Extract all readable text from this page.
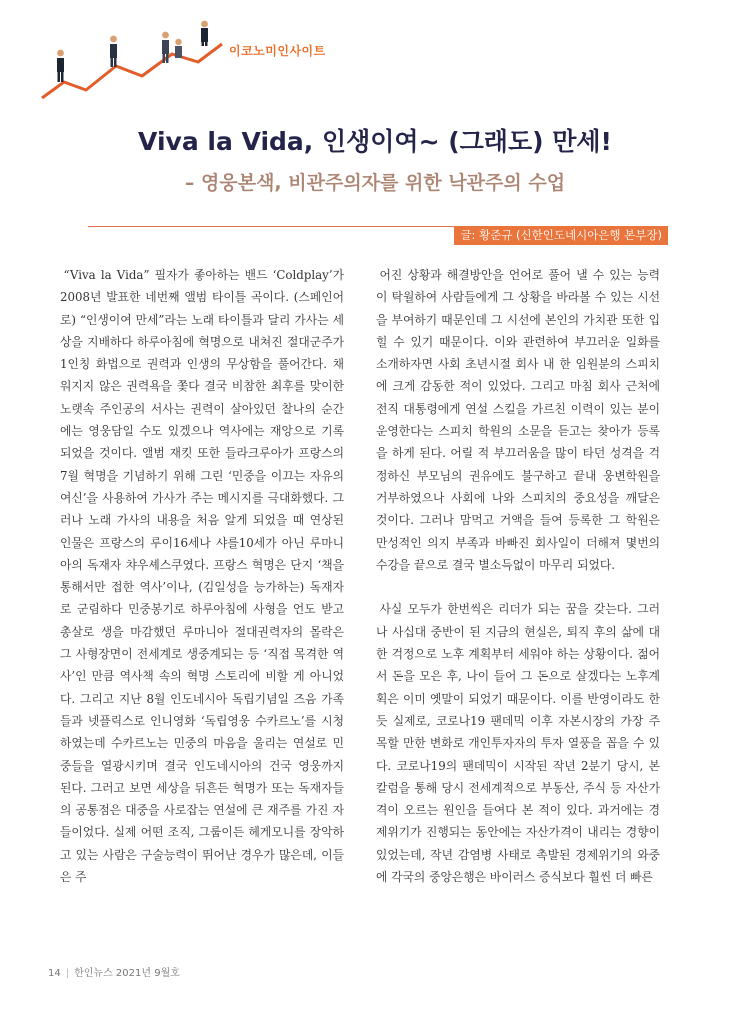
이코노미인사이트
Viva la Vida, 인생이여~ (그래도) 만세!
– 영웅본색, 비관주의자를 위한 낙관주의 수업
글: 황준규 (신한인도네시아은행 본부장)

“Viva la Vida” 필자가 좋아하는 밴드 ‘Coldplay’가 2008년 발표한 네번째 앨범 타이틀 곡이다. (스페인어로) “인생이여 만세”라는 노래 타이틀과 달리 가사는 세상을 지배하다 하루아침에 혁명으로 내쳐진 절대군주가 1인칭 화법으로 권력과 인생의 무상함을 풀어간다. 채워지지 않은 권력욕을 쫓다 결국 비참한 최후를 맞이한 노랫속 주인공의 서사는 권력이 살아있던 찰나의 순간에는 영웅담일 수도 있겠으나 역사에는 재앙으로 기록되었을 것이다. 앨범 재킷 또한 들라크루아가 프랑스의 7월 혁명을 기념하기 위해 그린 ‘민중을 이끄는 자유의 여신’을 사용하여 가사가 주는 메시지를 극대화했다. 그러나 노래 가사의 내용을 처음 알게 되었을 때 연상된 인물은 프랑스의 루이16세나 샤를10세가 아닌 루마니아의 독재자 챠우셰스쿠였다. 프랑스 혁명은 단지 ‘책을 통해서만 접한 역사’이나, (김일성을 능가하는) 독재자로 군림하다 민중봉기로 하루아침에 사형을 언도 받고 총살로 생을 마감했던 루마니아 절대권력자의 몰락은 그 사형장면이 전세계로 생중계되는 등 ‘직접 목격한 역사’인 만큼 역사책 속의 혁명 스토리에 비할 게 아니었다. 그리고 지난 8월 인도네시아 독립기념일 즈음 가족들과 넷플릭스로 인니영화 ‘독립영웅 수카르노’를 시청하였는데 수카르노는 민중의 마음을 울리는 연설로 민중들을 열광시키며 결국 인도네시아의 건국 영웅까지 된다. 그러고 보면 세상을 뒤흔든 혁명가 또는 독재자들의 공통점은 대중을 사로잡는 연설에 큰 재주를 가진 자들이었다. 실제 어떤 조직, 그룹이든 헤게모니를 장악하고 있는 사람은 구술능력이 뛰어난 경우가 많은데, 이들은 주

어진 상황과 해결방안을 언어로 풀어 낼 수 있는 능력이 탁월하여 사람들에게 그 상황을 바라볼 수 있는 시선을 부여하기 때문인데 그 시선에 본인의 가치관 또한 입힐 수 있기 때문이다. 이와 관련하여 부끄러운 일화를 소개하자면 사회 초년시절 회사 내 한 임원분의 스피치에 크게 감동한 적이 있었다. 그리고 마침 회사 근처에 전직 대통령에게 연설 스킬을 가르친 이력이 있는 분이 운영한다는 스피치 학원의 소문을 듣고는 찾아가 등록을 하게 된다. 어릴 적 부끄러움을 많이 타던 성격을 걱정하신 부모님의 권유에도 불구하고 끝내 웅변학원을 거부하였으나 사회에 나와 스피치의 중요성을 깨달은 것이다. 그러나 맘먹고 거액을 들여 등록한 그 학원은 만성적인 의지 부족과 바빠진 회사일이 더해져 몇번의 수강을 끝으로 결국 별소득없이 마무리 되었다.

사실 모두가 한번씩은 리더가 되는 꿈을 갖는다. 그러나 사십대 중반이 된 지금의 현실은, 퇴직 후의 삶에 대한 걱정으로 노후 계획부터 세워야 하는 상황이다. 젊어서 돈을 모은 후, 나이 들어 그 돈으로 살겠다는 노후계획은 이미 옛말이 되었기 때문이다. 이를 반영이라도 한 듯 실제로, 코로나19 팬데믹 이후 자본시장의 가장 주목할 만한 변화로 개인투자자의 투자 열풍을 꼽을 수 있다. 코로나19의 팬데믹이 시작된 작년 2분기 당시, 본 칼럼을 통해 당시 전세계적으로 부동산, 주식 등 자산가격이 오르는 원인을 들여다 본 적이 있다. 과거에는 경제위기가 진행되는 동안에는 자산가격이 내리는 경향이 있었는데, 작년 감염병 사태로 촉발된 경제위기의 와중에 각국의 중앙은행은 바이러스 증식보다 훨씬 더 빠른

14 | 한인뉴스 2021년 9월호
